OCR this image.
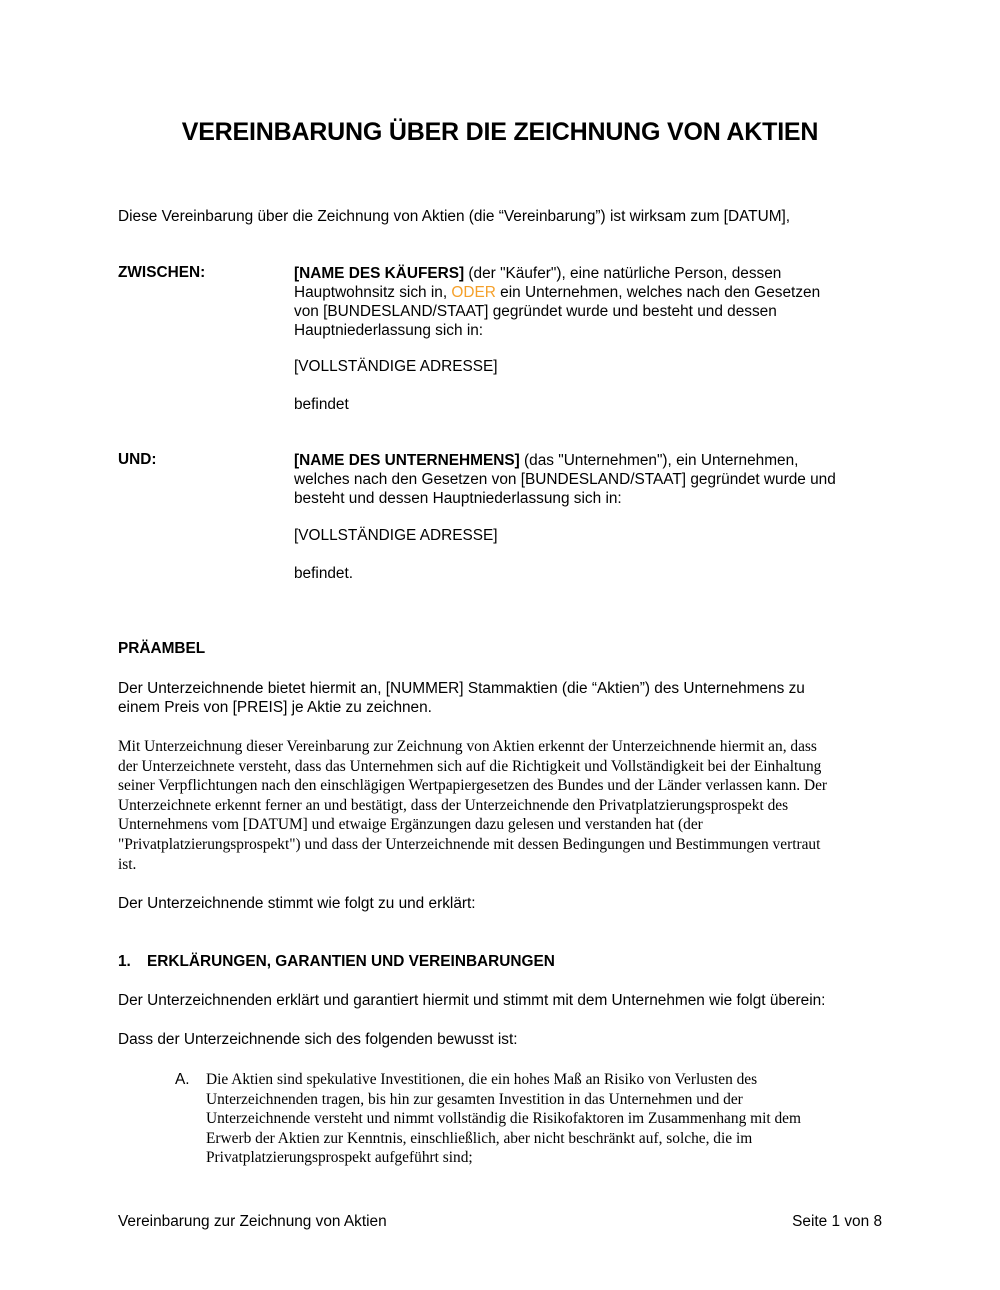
VEREINBARUNG ÜBER DIE ZEICHNUNG VON AKTIEN
Diese Vereinbarung über die Zeichnung von Aktien (die “Vereinbarung”) ist wirksam zum [DATUM],
ZWISCHEN:	[NAME DES KÄUFERS] (der "Käufer"), eine natürliche Person, dessen
Hauptwohnsitz sich in, ODER ein Unternehmen, welches nach den Gesetzen
von [BUNDESLAND/STAAT] gegründet wurde und besteht und dessen
Hauptniederlassung sich in:
[VOLLSTÄNDIGE ADRESSE]
befindet
UND:	[NAME DES UNTERNEHMENS] (das "Unternehmen"), ein Unternehmen,
welches nach den Gesetzen von [BUNDESLAND/STAAT] gegründet wurde und
besteht und dessen Hauptniederlassung sich in:
[VOLLSTÄNDIGE ADRESSE]
befindet.
PRÄAMBEL
Der Unterzeichnende bietet hiermit an, [NUMMER] Stammaktien (die “Aktien”) des Unternehmens zu
einem Preis von [PREIS] je Aktie zu zeichnen.
Mit Unterzeichnung dieser Vereinbarung zur Zeichnung von Aktien erkennt der Unterzeichnende hiermit an, dass
der Unterzeichnete versteht, dass das Unternehmen sich auf die Richtigkeit und Vollständigkeit bei der Einhaltung
seiner Verpflichtungen nach den einschlägigen Wertpapiergesetzen des Bundes und der Länder verlassen kann. Der
Unterzeichnete erkennt ferner an und bestätigt, dass der Unterzeichnende den Privatplatzierungsprospekt des
Unternehmens vom [DATUM] und etwaige Ergänzungen dazu gelesen und verstanden hat (der
"Privatplatzierungsprospekt") und dass der Unterzeichnende mit dessen Bedingungen und Bestimmungen vertraut
ist.
Der Unterzeichnende stimmt wie folgt zu und erklärt:
1. ERKLÄRUNGEN, GARANTIEN UND VEREINBARUNGEN
Der Unterzeichnenden erklärt und garantiert hiermit und stimmt mit dem Unternehmen wie folgt überein:
Dass der Unterzeichnende sich des folgenden bewusst ist:
A. Die Aktien sind spekulative Investitionen, die ein hohes Maß an Risiko von Verlusten des
Unterzeichnenden tragen, bis hin zur gesamten Investition in das Unternehmen und der
Unterzeichnende versteht und nimmt vollständig die Risikofaktoren im Zusammenhang mit dem
Erwerb der Aktien zur Kenntnis, einschließlich, aber nicht beschränkt auf, solche, die im
Privatplatzierungsprospekt aufgeführt sind;
Vereinbarung zur Zeichnung von Aktien	Seite 1 von 8
